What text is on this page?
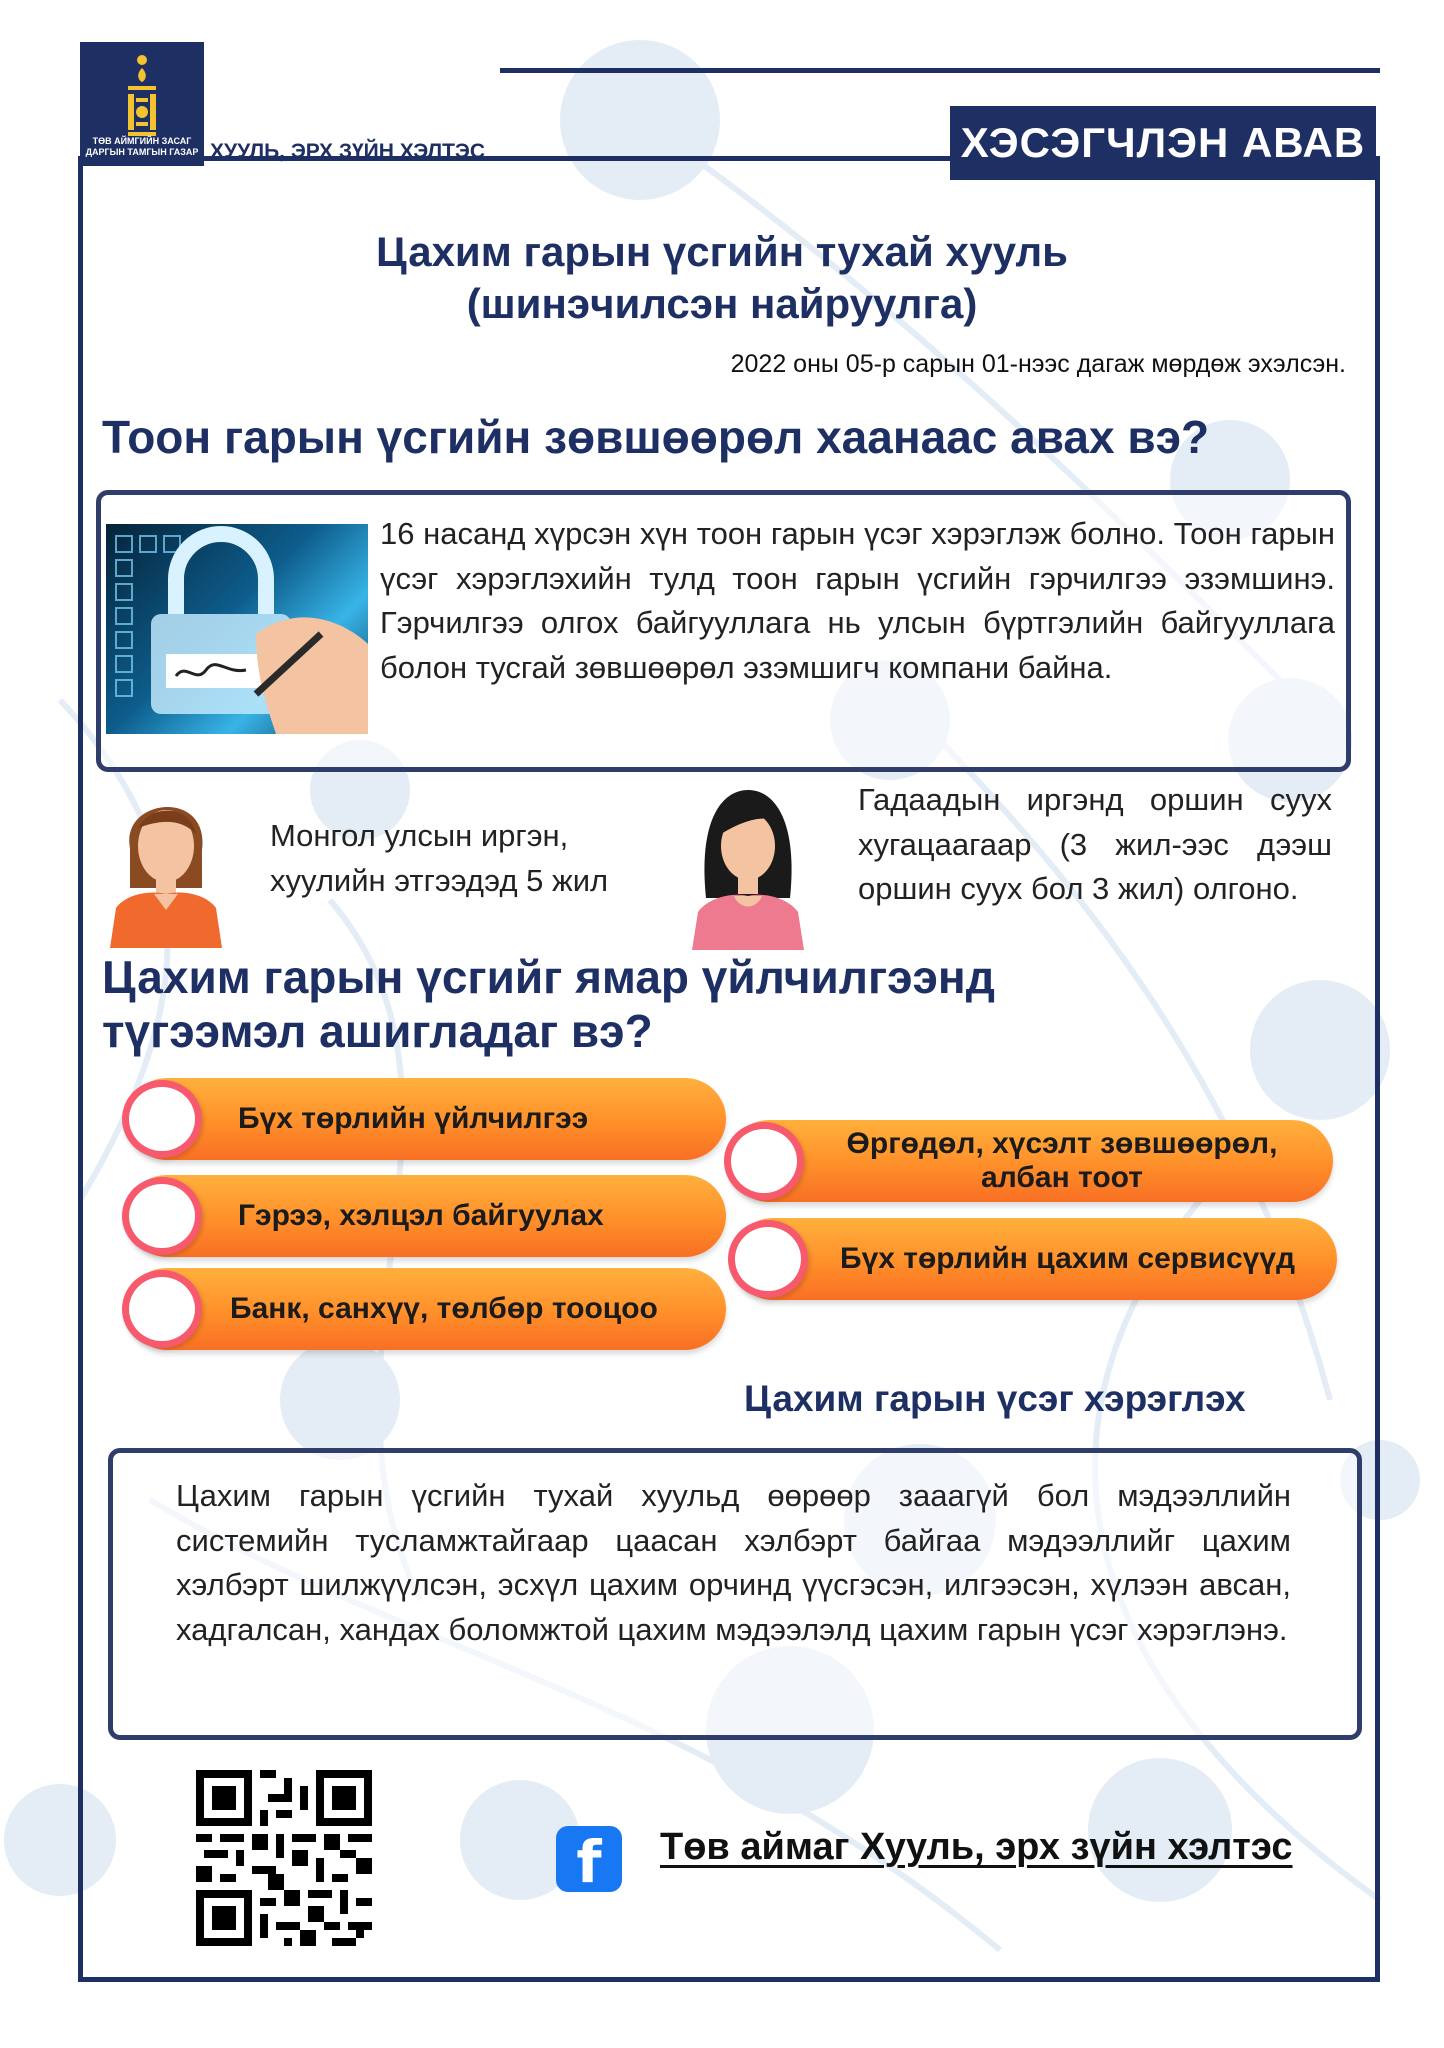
ТӨВ АЙМГИЙН ЗАСАГ ДАРГЫН ТАМГЫН ГАЗАР ХУУЛЬ, ЭРХ ЗҮЙН ХЭЛТЭС	ХЭСЭГЧЛЭН АВАВ
Цахим гарын үсгийн тухай хууль
(шинэчилсэн найруулга)
2022 оны 05-р сарын 01-нээс дагаж мөрдөж эхэлсэн.
Тоон гарын үсгийн зөвшөөрөл хаанаас авах вэ?
16 насанд хүрсэн хүн тоон гарын үсэг хэрэглэж болно. Тоон гарын үсэг хэрэглэхийн тулд тоон гарын үсгийн гэрчилгээ эзэмшинэ. Гэрчилгээ олгох байгууллага нь улсын бүртгэлийн байгууллага болон тусгай зөвшөөрөл эзэмшигч компани байна.
Монгол улсын иргэн, хуулийн этгээдэд 5 жил
Гадаадын иргэнд оршин суух хугацаагаар (3 жил-ээс дээш оршин суух бол 3 жил) олгоно.
Цахим гарын үсгийг ямар үйлчилгээнд
түгээмэл ашигладаг вэ?
Бүх төрлийн үйлчилгээ
Гэрээ, хэлцэл байгуулах
Банк, санхүү, төлбөр тооцоо
Өргөдөл, хүсэлт зөвшөөрөл,
албан тоот
Бүх төрлийн цахим сервисүүд
Цахим гарын үсэг хэрэглэх
Цахим гарын үсгийн тухай хуульд өөрөөр зааагүй бол мэдээллийн системийн тусламжтайгаар цаасан хэлбэрт байгаа мэдээллийг цахим хэлбэрт шилжүүлсэн, эсхүл цахим орчинд үүсгэсэн, илгээсэн, хүлээн авсан, хадгалсан, хандах боломжтой цахим мэдээлэлд цахим гарын үсэг хэрэглэнэ.
f	Төв аймаг Хууль, эрх зүйн хэлтэс
